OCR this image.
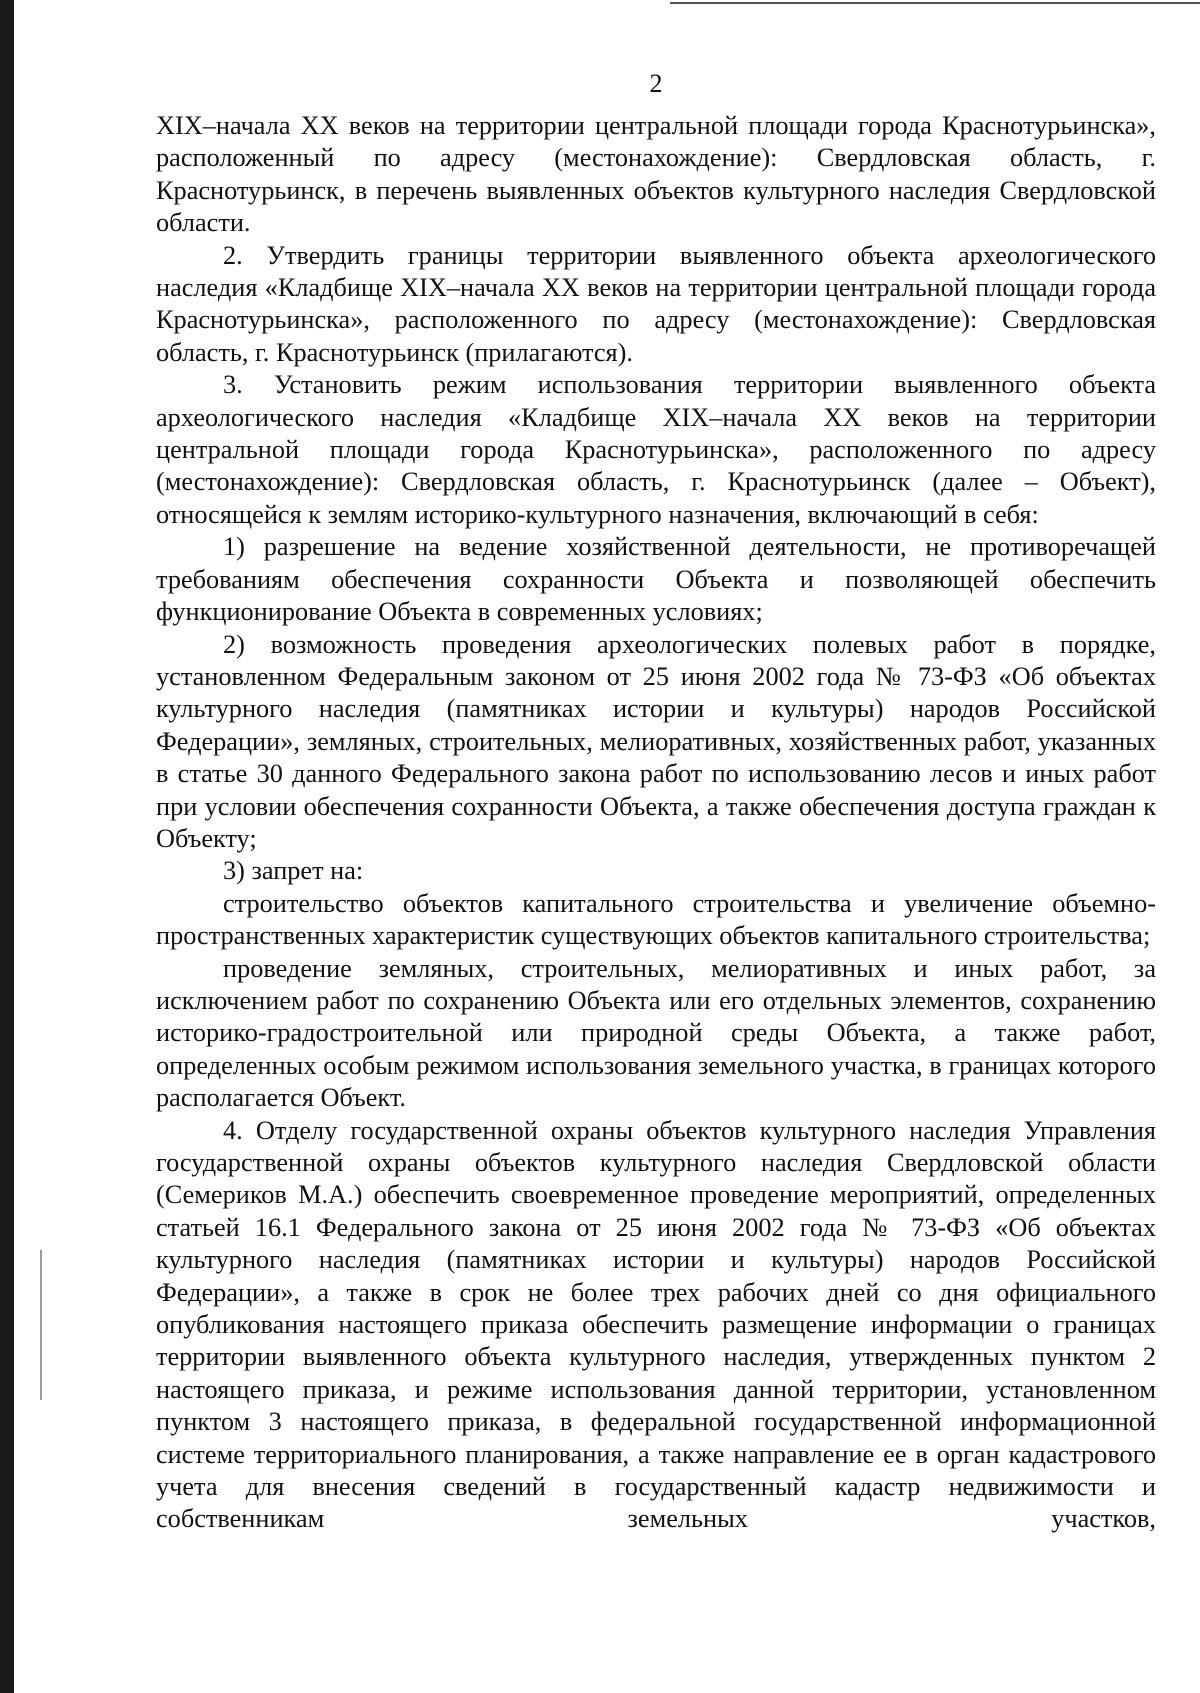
2

XIX–начала XX веков на территории центральной площади города Краснотурьинска», расположенный по адресу (местонахождение): Свердловская область, г. Краснотурьинск, в перечень выявленных объектов культурного наследия Свердловской области.

2. Утвердить границы территории выявленного объекта археологического наследия «Кладбище XIX–начала XX веков на территории центральной площади города Краснотурьинска», расположенного по адресу (местонахождение): Свердловская область, г. Краснотурьинск (прилагаются).

3. Установить режим использования территории выявленного объекта археологического наследия «Кладбище XIX–начала XX веков на территории центральной площади города Краснотурьинска», расположенного по адресу (местонахождение): Свердловская область, г. Краснотурьинск (далее – Объект), относящейся к землям историко-культурного назначения, включающий в себя:

1) разрешение на ведение хозяйственной деятельности, не противоречащей требованиям обеспечения сохранности Объекта и позволяющей обеспечить функционирование Объекта в современных условиях;

2) возможность проведения археологических полевых работ в порядке, установленном Федеральным законом от 25 июня 2002 года № 73-ФЗ «Об объектах культурного наследия (памятниках истории и культуры) народов Российской Федерации», земляных, строительных, мелиоративных, хозяйственных работ, указанных в статье 30 данного Федерального закона работ по использованию лесов и иных работ при условии обеспечения сохранности Объекта, а также обеспечения доступа граждан к Объекту;

3) запрет на:

строительство объектов капитального строительства и увеличение объемно-пространственных характеристик существующих объектов капитального строительства;

проведение земляных, строительных, мелиоративных и иных работ, за исключением работ по сохранению Объекта или его отдельных элементов, сохранению историко-градостроительной или природной среды Объекта, а также работ, определенных особым режимом использования земельного участка, в границах которого располагается Объект.

4. Отделу государственной охраны объектов культурного наследия Управления государственной охраны объектов культурного наследия Свердловской области (Семериков М.А.) обеспечить своевременное проведение мероприятий, определенных статьей 16.1 Федерального закона от 25 июня 2002 года № 73-ФЗ «Об объектах культурного наследия (памятниках истории и культуры) народов Российской Федерации», а также в срок не более трех рабочих дней со дня официального опубликования настоящего приказа обеспечить размещение информации о границах территории выявленного объекта культурного наследия, утвержденных пунктом 2 настоящего приказа, и режиме использования данной территории, установленном пунктом 3 настоящего приказа, в федеральной государственной информационной системе территориального планирования, а также направление ее в орган кадастрового учета для внесения сведений в государственный кадастр недвижимости и собственникам земельных участков,
